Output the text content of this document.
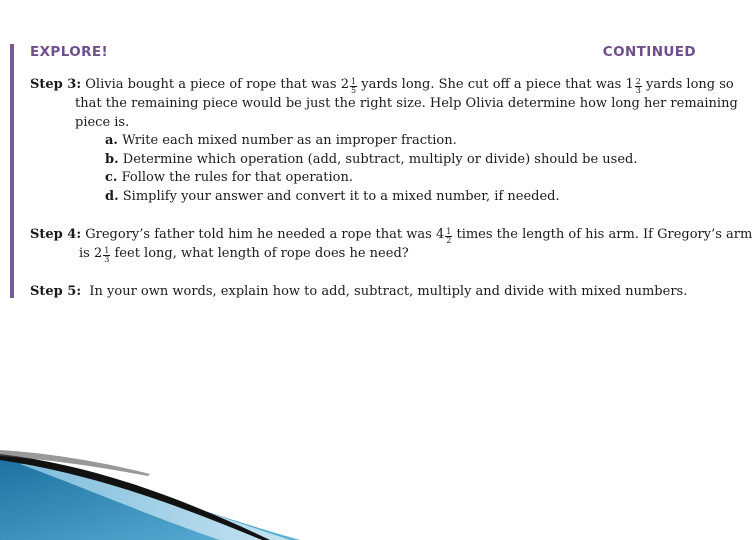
EXPLORE!	CONTINUED
Step 3: Olivia bought a piece of rope that was $2 \frac{1}{5}$ yards long. She cut off a piece that was $1 \frac{2}{3}$ yards long so
that the remaining piece would be just the right size. Help Olivia determine how long her remaining
piece is.
a. Write each mixed number as an improper fraction.
b. Determine which operation (add, subtract, multiply or divide) should be used.
c. Follow the rules for that operation.
d. Simplify your answer and convert it to a mixed number, if needed.
Step 4: Gregory’s father told him he needed a rope that was $4 \frac{1}{2}$ times the length of his arm. If Gregory’s arm
is $2 \frac{1}{3}$ feet long, what length of rope does he need?
Step 5: In your own words, explain how to add, subtract, multiply and divide with mixed numbers.
